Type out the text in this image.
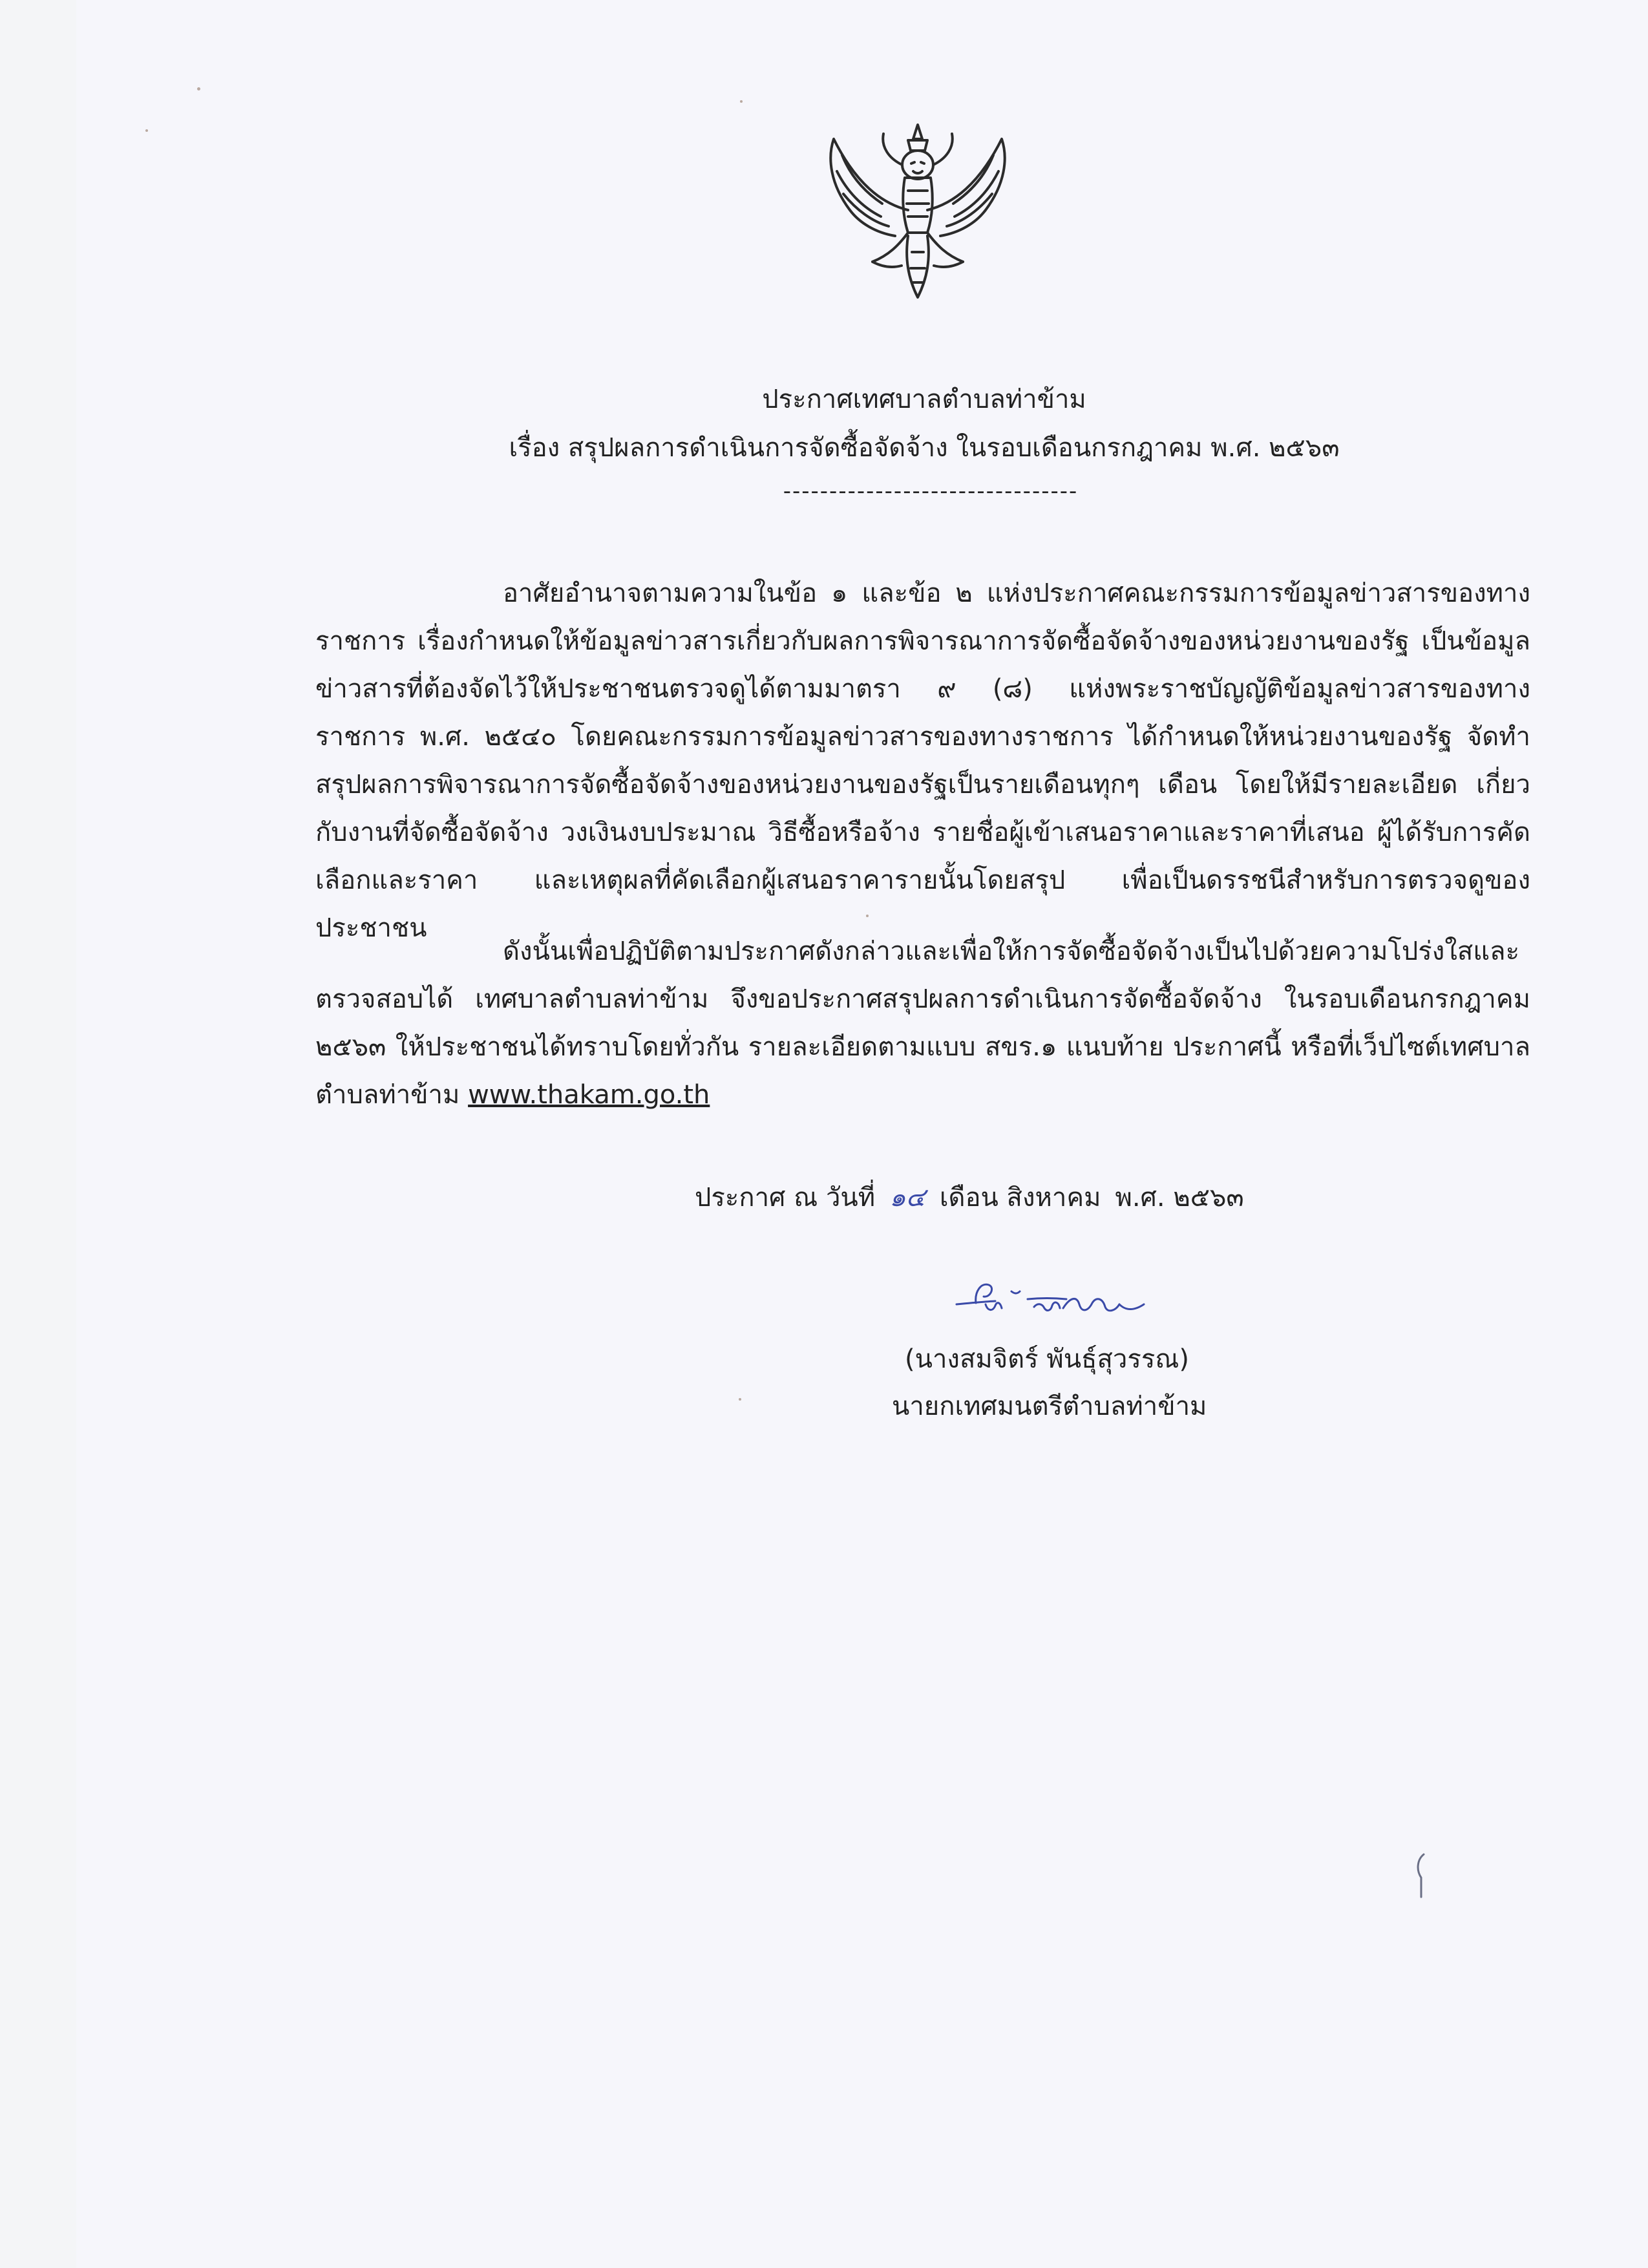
ประกาศเทศบาลตำบลท่าข้าม
เรื่อง สรุปผลการดำเนินการจัดซื้อจัดจ้าง ในรอบเดือนกรกฎาคม พ.ศ. ๒๕๖๓
--------------------------------

อาศัยอำนาจตามความในข้อ ๑ และข้อ ๒ แห่งประกาศคณะกรรมการข้อมูลข่าวสารของทางราชการ เรื่องกำหนดให้ข้อมูลข่าวสารเกี่ยวกับผลการพิจารณาการจัดซื้อจัดจ้างของหน่วยงานของรัฐ เป็นข้อมูลข่าวสารที่ต้องจัดไว้ให้ประชาชนตรวจดูได้ตามมาตรา ๙ (๘) แห่งพระราชบัญญัติข้อมูลข่าวสารของทางราชการ พ.ศ. ๒๕๔๐ โดยคณะกรรมการข้อมูลข่าวสารของทางราชการ ได้กำหนดให้หน่วยงานของรัฐ จัดทำสรุปผลการพิจารณาการจัดซื้อจัดจ้างของหน่วยงานของรัฐเป็นรายเดือนทุกๆ เดือน โดยให้มีรายละเอียด เกี่ยวกับงานที่จัดซื้อจัดจ้าง วงเงินงบประมาณ วิธีซื้อหรือจ้าง รายชื่อผู้เข้าเสนอราคาและราคาที่เสนอ ผู้ได้รับการคัดเลือกและราคา และเหตุผลที่คัดเลือกผู้เสนอราคารายนั้นโดยสรุป เพื่อเป็นดรรชนีสำหรับการตรวจดูของประชาชน

ดังนั้นเพื่อปฏิบัติตามประกาศดังกล่าวและเพื่อให้การจัดซื้อจัดจ้างเป็นไปด้วยความโปร่งใสและตรวจสอบได้ เทศบาลตำบลท่าข้าม จึงขอประกาศสรุปผลการดำเนินการจัดซื้อจัดจ้าง ในรอบเดือนกรกฎาคม ๒๕๖๓ ให้ประชาชนได้ทราบโดยทั่วกัน รายละเอียดตามแบบ สขร.๑ แนบท้าย ประกาศนี้ หรือที่เว็ปไซต์เทศบาลตำบลท่าข้าม www.thakam.go.th

ประกาศ ณ วันที่ ๑๔ เดือน สิงหาคม พ.ศ. ๒๕๖๓
(นางสมจิตร์ พันธุ์สุวรรณ)
นายกเทศมนตรีตำบลท่าข้าม
